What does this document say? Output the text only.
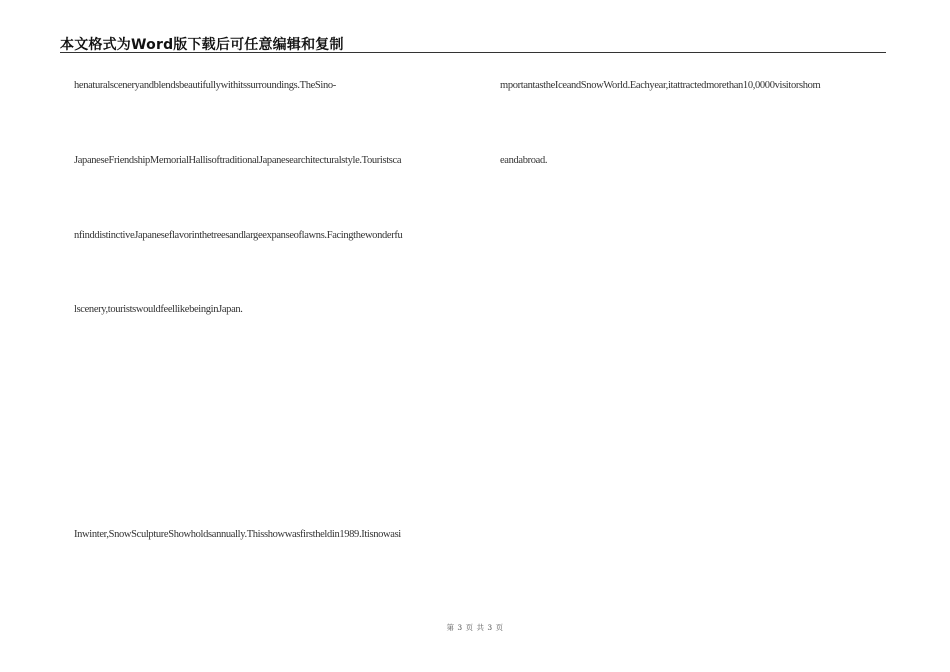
本文格式为Word版下载后可任意编辑和复制
henaturalsceneryandblendsbeautifullywithitssurroundings.TheSino-
JapaneseFriendshipMemorialHallisoftraditionalJapanesearchitecturalstyle.Touristsca
nfinddistinctiveJapaneseflavorinthetreesandlargeexpanseoflawns.Facingthewonderfu
lscenery,touristswouldfeellikebeinginJapan.
Inwinter,SnowSculptureShowholdsannually.Thisshowwasfirstheldin1989.Itisnowasi
mportantastheIceandSnowWorld.Eachyear,itattractedmorethan10,0000visitorshom
eandabroad.
第 3 页 共 3 页
